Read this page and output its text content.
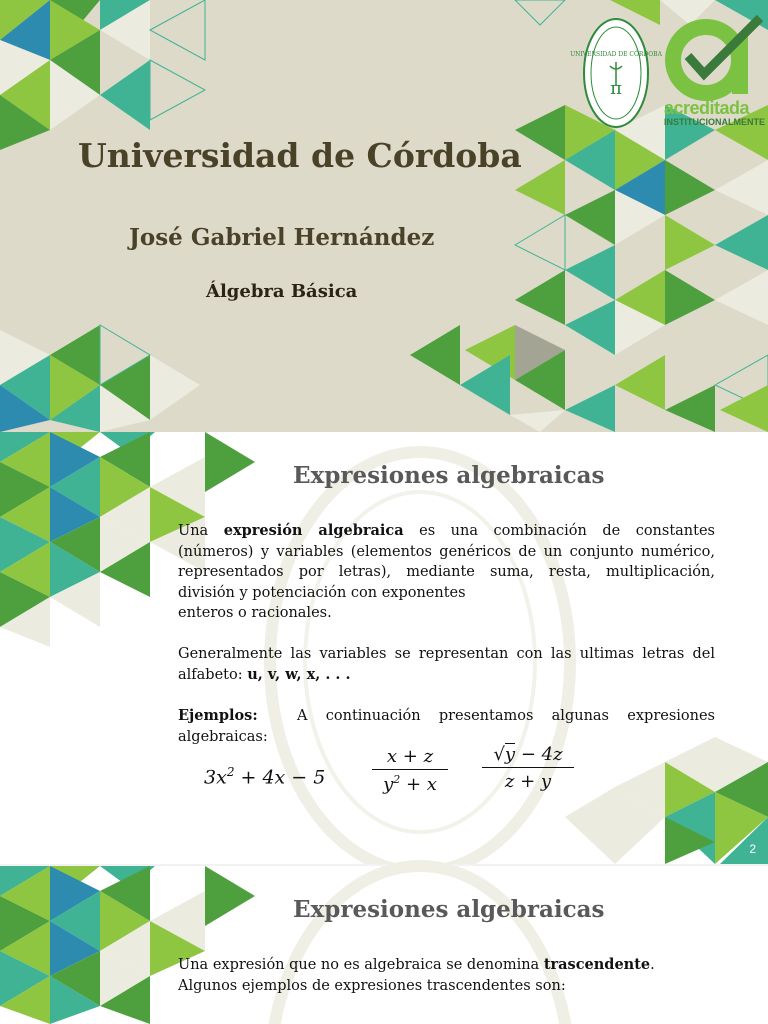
UNIVERSIDAD DE CÓRDOBA
π
acreditada
INSTITUCIONALMENTE
Universidad de Córdoba
José Gabriel Hernández
Álgebra Básica
Expresiones algebraicas
Una expresión algebraica es una combinación de constantes
(números) y variables (elementos genéricos de un conjunto numérico,
representados por letras), mediante suma, resta, multiplicación,
división y potenciación con exponentes
enteros o racionales.
Generalmente las variables se representan con las ultimas letras del
alfabeto: u, v, w, x, . . .
Ejemplos:	A continuación presentamos algunas expresiones
algebraicas:
$3x^2 + 4x - 5$	$\frac{x + z}{y^2 + x} \frac{√y - 4z}{z + y}$
2
Expresiones algebraicas
Una expresión que no es algebraica se denomina trascendente.
Algunos ejemplos de expresiones trascendentes son:
